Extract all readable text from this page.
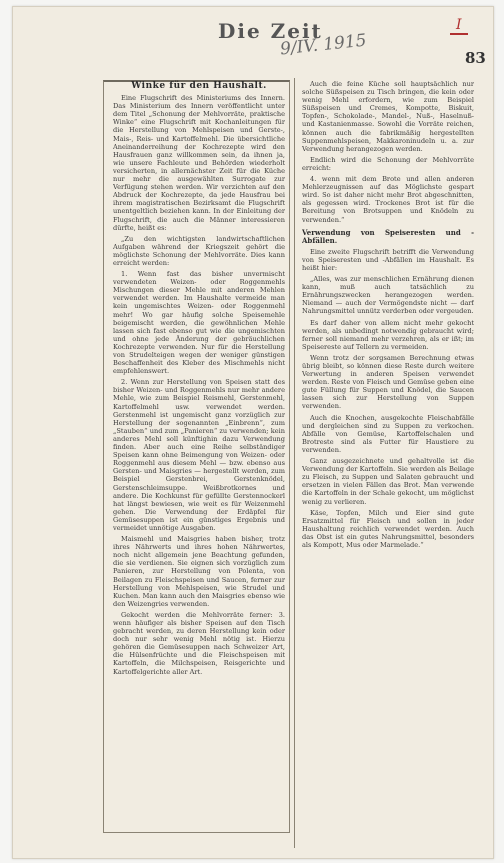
Die Zeit
9/IV. 1915
I
83
Winke für den Haushalt.

Eine Flugschrift des Ministeriums des Innern. Das Ministerium des Innern veröffentlicht unter dem Titel „Schonung der Mehlvorräte, praktische Winke“ eine Flugschrift mit Kochanleitungen für die Herstellung von Mehlspeisen und Gerste-, Mais-, Reis- und Kartoffelmehl. Die übersichtliche Aneinanderreihung der Kochrezepte wird den Hausfrauen ganz willkommen sein, da ihnen ja, wie unsere Fachleute und Behörden wiederholt versicherten, in allernächster Zeit für die Küche nur mehr die ausgewählten Surrogate zur Verfügung stehen werden. Wir verzichten auf den Abdruck der Kochrezepte, da jede Hausfrau bei ihrem magistratischen Bezirksamt die Flugschrift unentgeltlich beziehen kann. In der Einleitung der Flugschrift, die auch die Männer interessieren dürfte, heißt es:

„Zu den wichtigsten landwirtschaftlichen Aufgaben während der Kriegszeit gehört die möglichste Schonung der Mehlvorräte. Dies kann erreicht werden:

1. Wenn fast das bisher unvermischt verwendeten Weizen- oder Roggenmehls Mischungen dieser Mehle mit anderen Mehlen verwendet werden. Im Haushalte vermeide man kein ungemischtes Weizen- oder Roggenmehl mehr! Wo gar häufig solche Speisemehle beigemischt werden, die gewöhnlichen Mehle lassen sich fast ebenso gut wie die ungemischten und ohne jede Änderung der gebräuchlichen Kochrezepte verwenden. Nur für die Herstellung von Strudelteigen wegen der weniger günstigen Beschaffenheit des Kleber des Mischmehls nicht empfehlenswert.

2. Wenn zur Herstellung von Speisen statt des bisher Weizen- und Roggenmehls nur mehr andere Mehle, wie zum Beispiel Reismehl, Gerstenmehl, Kartoffelmehl usw. verwendet werden. Gerstenmehl ist ungemischt ganz vorzüglich zur Herstellung der sogenannten „Einbrenn“, zum „Stauben“ und zum „Panieren“ zu verwenden; kein anderes Mehl soll künftighin dazu Verwendung finden. Aber auch eine Reihe selbständiger Speisen kann ohne Beimengung von Weizen- oder Roggenmehl aus diesem Mehl — bzw. ebenso aus Gersten- und Maisgries — hergestellt werden, zum Beispiel Gerstenbrei, Gerstenknödel, Gerstenschleimsuppe. Weißbrotkornes und andere. Die Kochkunst für gefüllte Gerstennockerl hat längst bewiesen, wie weit es für Weizenmehl gehen. Die Verwendung der Erdäpfel für Gemüsesuppen ist ein günstiges Ergebnis und vermeidet unnötige Ausgaben.

Maismehl und Maisgries haben bisher, trotz ihres Nährwerts und ihres hohen Nährwertes, noch nicht allgemein jene Beachtung gefunden, die sie verdienen. Sie eignen sich vorzüglich zum Panieren, zur Herstellung von Polenta, von Beilagen zu Fleischspeisen und Saucen, ferner zur Herstellung von Mehlspeisen, wie Strudel und Kuchen. Man kann auch den Maisgries ebenso wie den Weizengries verwenden.

Gekocht werden die Mehlvorräte ferner: 3. wenn häufiger als bisher Speisen auf den Tisch gebracht werden, zu deren Herstellung kein oder doch nur sehr wenig Mehl nötig ist. Hierzu gehören die Gemüsesuppen nach Schweizer Art, die Hülsenfrüchte und die Fleischspeisen mit Kartoffeln, die Milchspeisen, Reisgerichte und Kartoffelgerichte aller Art.

Auch die feine Küche soll hauptsächlich nur solche Süßspeisen zu Tisch bringen, die kein oder wenig Mehl erfordern, wie zum Beispiel Süßspeisen und Cremes, Kompotte, Biskuit, Topfen-, Schokolade-, Mandel-, Nuß-, Haselnuß- und Kastanienmasse. Sowohl die Vorräte reichen, können auch die fabrikmäßig hergestellten Suppenmehlspeisen, Makkaroninudeln u. a. zur Verwendung herangezogen werden.

Endlich wird die Schonung der Mehlvorräte erreicht:

4. wenn mit dem Brote und allen anderen Mehlerzeugnissen auf das Möglichste gespart wird. So ist daher nicht mehr Brot abgeschnitten, als gegessen wird. Trockenes Brot ist für die Bereitung von Brotsuppen und Knödeln zu verwenden.“

Verwendung von Speiseresten und -Abfällen.

Eine zweite Flugschrift betrifft die Verwendung von Speiseresten und -Abfällen im Haushalt. Es heißt hier:

„Alles, was zur menschlichen Ernährung dienen kann, muß auch tatsächlich zu Ernährungszwecken herangezogen werden. Niemand — auch der Vermögendste nicht — darf Nahrungsmittel unnütz verderben oder vergeuden.

Es darf daher von allem nicht mehr gekocht werden, als unbedingt notwendig gebraucht wird; ferner soll niemand mehr verzehren, als er ißt; im Speisereste auf Tellern zu vermeiden.

Wenn trotz der sorgsamen Berechnung etwas übrig bleibt, so können diese Reste durch weitere Verwertung in anderen Speisen verwendet werden. Reste von Fleisch und Gemüse geben eine gute Füllung für Suppen und Knödel, die Saucen lassen sich zur Herstellung von Suppen verwenden.

Auch die Knochen, ausgekochte Fleischabfälle und dergleichen sind zu Suppen zu verkochen. Abfälle von Gemüse, Kartoffelschalen und Brotreste sind als Futter für Haustiere zu verwenden.

Ganz ausgezeichnete und gehaltvolle ist die Verwendung der Kartoffeln. Sie werden als Beilage zu Fleisch, zu Suppen und Salaten gebraucht und ersetzen in vielen Fällen das Brot. Man verwende die Kartoffeln in der Schale gekocht, um möglichst wenig zu verlieren.

Käse, Topfen, Milch und Eier sind gute Ersatzmittel für Fleisch und sollen in jeder Haushaltung reichlich verwendet werden. Auch das Obst ist ein gutes Nahrungsmittel, besonders als Kompott, Mus oder Marmelade.“
